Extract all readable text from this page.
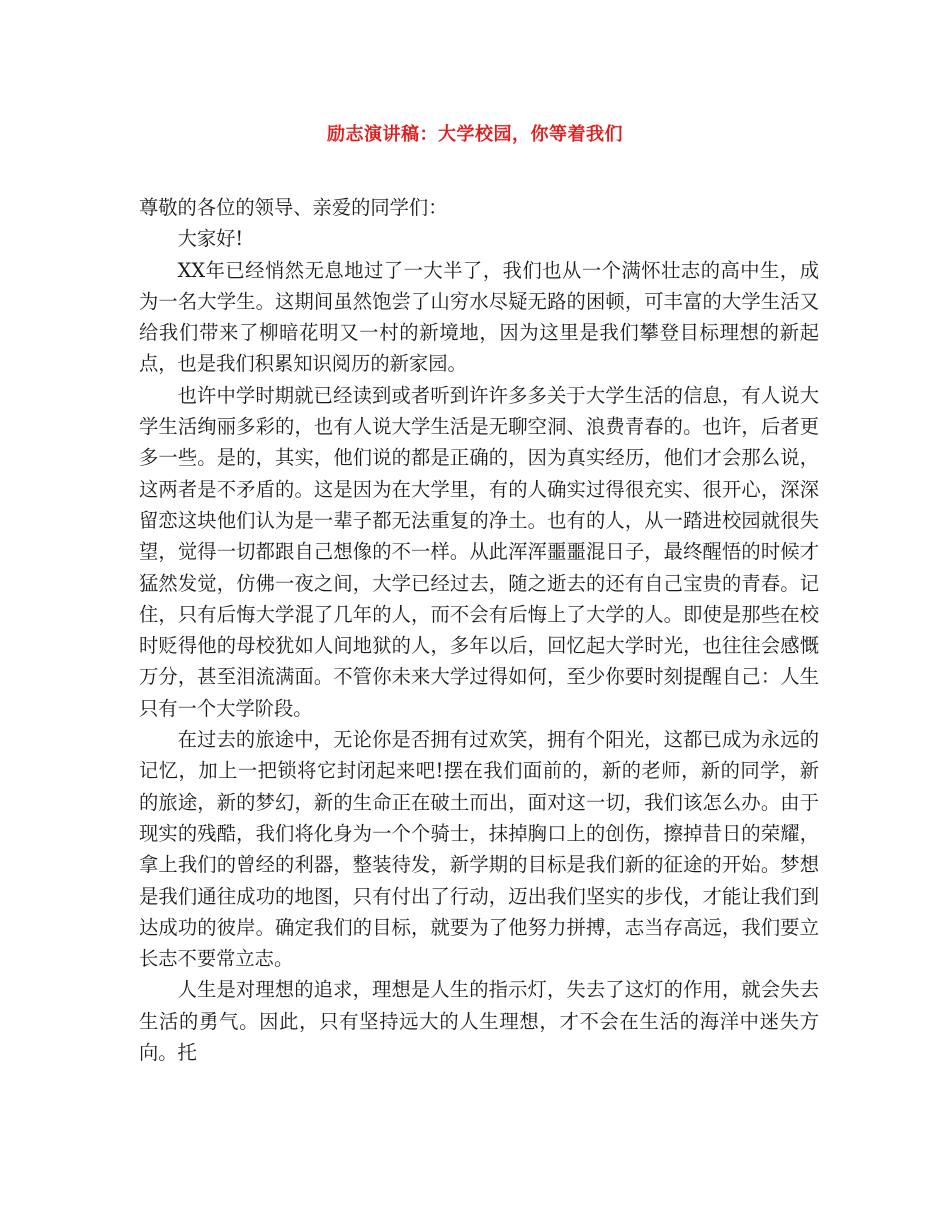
励志演讲稿：大学校园，你等着我们

尊敬的各位的领导、亲爱的同学们：

大家好!

XX年已经悄然无息地过了一大半了，我们也从一个满怀壮志的高中生，成为一名大学生。这期间虽然饱尝了山穷水尽疑无路的困顿，可丰富的大学生活又给我们带来了柳暗花明又一村的新境地，因为这里是我们攀登目标理想的新起点，也是我们积累知识阅历的新家园。

也许中学时期就已经读到或者听到许许多多关于大学生活的信息，有人说大学生活绚丽多彩的，也有人说大学生活是无聊空洞、浪费青春的。也许，后者更多一些。是的，其实，他们说的都是正确的，因为真实经历，他们才会那么说，这两者是不矛盾的。这是因为在大学里，有的人确实过得很充实、很开心，深深留恋这块他们认为是一辈子都无法重复的净土。也有的人，从一踏进校园就很失望，觉得一切都跟自己想像的不一样。从此浑浑噩噩混日子，最终醒悟的时候才猛然发觉，仿佛一夜之间，大学已经过去，随之逝去的还有自己宝贵的青春。记住，只有后悔大学混了几年的人，而不会有后悔上了大学的人。即使是那些在校时贬得他的母校犹如人间地狱的人，多年以后，回忆起大学时光，也往往会感慨万分，甚至泪流满面。不管你未来大学过得如何，至少你要时刻提醒自己：人生只有一个大学阶段。

在过去的旅途中，无论你是否拥有过欢笑，拥有个阳光，这都已成为永远的记忆，加上一把锁将它封闭起来吧!摆在我们面前的，新的老师，新的同学，新的旅途，新的梦幻，新的生命正在破土而出，面对这一切，我们该怎么办。由于现实的残酷，我们将化身为一个个骑士，抹掉胸口上的创伤，擦掉昔日的荣耀，拿上我们的曾经的利器，整装待发，新学期的目标是我们新的征途的开始。梦想是我们通往成功的地图，只有付出了行动，迈出我们坚实的步伐，才能让我们到达成功的彼岸。确定我们的目标，就要为了他努力拼搏，志当存高远，我们要立长志不要常立志。

人生是对理想的追求，理想是人生的指示灯，失去了这灯的作用，就会失去生活的勇气。因此，只有坚持远大的人生理想，才不会在生活的海洋中迷失方向。托
